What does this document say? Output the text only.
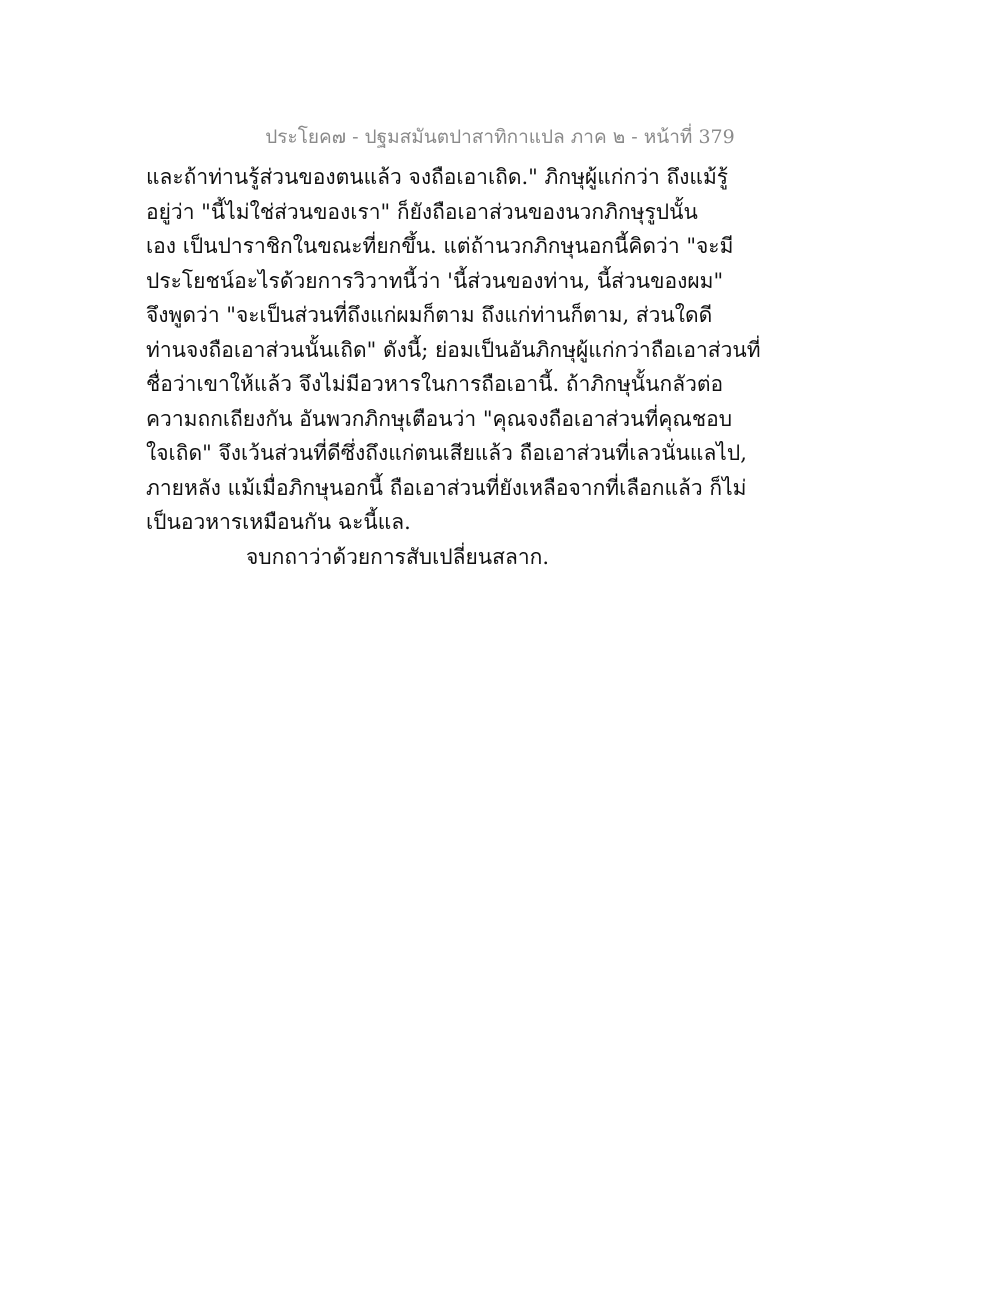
ประโยค๗ - ปฐมสมันตปาสาทิกาแปล ภาค ๒ - หน้าที่ 379
และถ้าท่านรู้ส่วนของตนแล้ว จงถือเอาเถิด." ภิกษุผู้แก่กว่า ถึงแม้รู้
อยู่ว่า "นี้ไม่ใช่ส่วนของเรา" ก็ยังถือเอาส่วนของนวกภิกษุรูปนั้น
เอง เป็นปาราชิกในขณะที่ยกขึ้น. แต่ถ้านวกภิกษุนอกนี้คิดว่า "จะมี
ประโยชน์อะไรด้วยการวิวาทนี้ว่า 'นี้ส่วนของท่าน, นี้ส่วนของผม"
จึงพูดว่า "จะเป็นส่วนที่ถึงแก่ผมก็ตาม ถึงแก่ท่านก็ตาม, ส่วนใดดี
ท่านจงถือเอาส่วนนั้นเถิด" ดังนี้; ย่อมเป็นอันภิกษุผู้แก่กว่าถือเอาส่วนที่
ชื่อว่าเขาให้แล้ว จึงไม่มีอวหารในการถือเอานี้. ถ้าภิกษุนั้นกลัวต่อ
ความถกเถียงกัน อันพวกภิกษุเตือนว่า "คุณจงถือเอาส่วนที่คุณชอบ
ใจเถิด" จึงเว้นส่วนที่ดีซึ่งถึงแก่ตนเสียแล้ว ถือเอาส่วนที่เลวนั่นแลไป,
ภายหลัง แม้เมื่อภิกษุนอกนี้ ถือเอาส่วนที่ยังเหลือจากที่เลือกแล้ว ก็ไม่
เป็นอวหารเหมือนกัน ฉะนี้แล.
จบกถาว่าด้วยการสับเปลี่ยนสลาก.
